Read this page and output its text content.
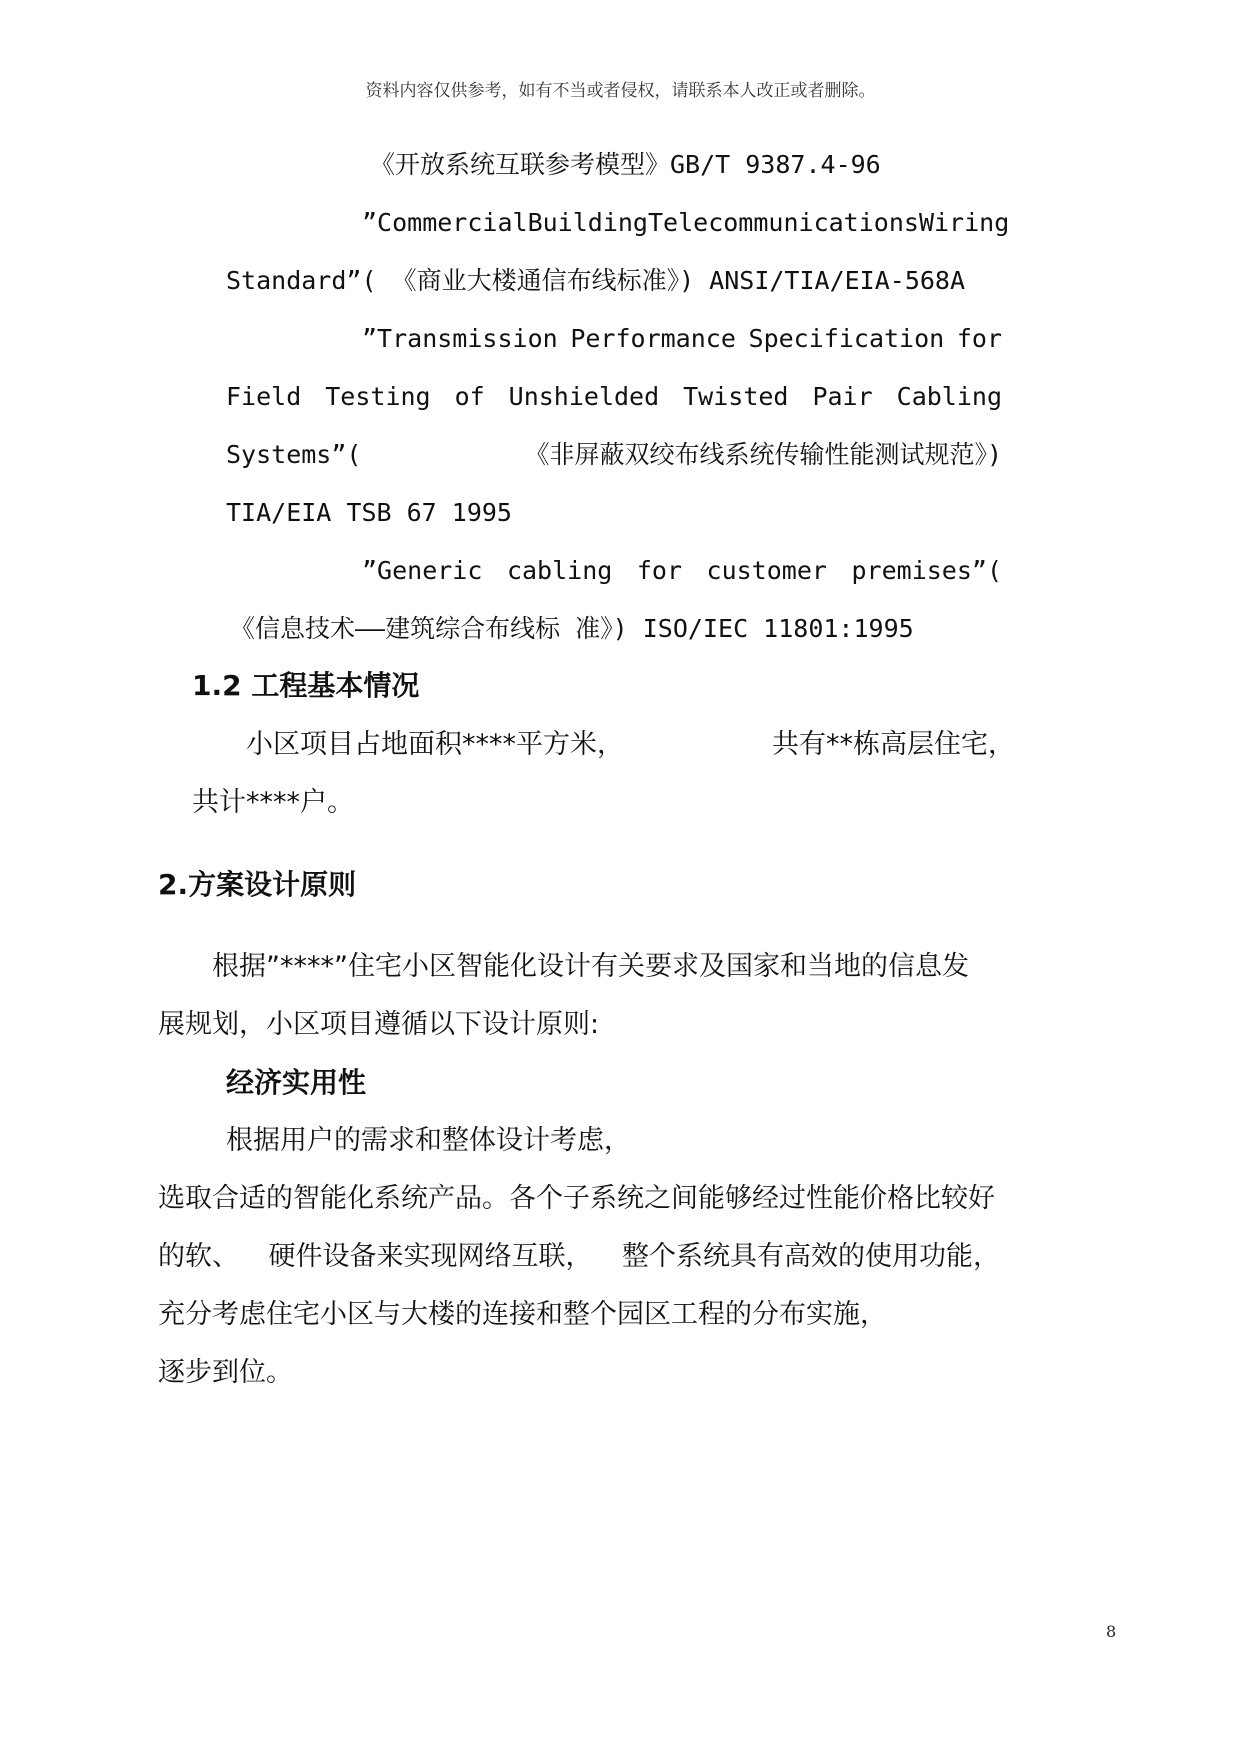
资料内容仅供参考，如有不当或者侵权，请联系本人改正或者删除。
《开放系统互联参考模型》GB/T 9387.4-96
”Commercial Building Telecommunications Wiring
Standard”( 《商业大楼通信布线标准》) ANSI/TIA/EIA-568A
”Transmission Performance Specification for
Field Testing of Unshielded Twisted Pair Cabling
Systems”(	《非屏蔽双绞布线系统传输性能测试规范》)
TIA/EIA TSB 67 1995
”Generic cabling for customer premises”(
《信息技术——建筑综合布线标 准》) ISO/IEC 11801:1995
1.2 工程基本情况
小区项目占地面积****平方米，	共有**栋高层住宅，
共计****户。
2.方案设计原则
根据”****”住宅小区智能化设计有关要求及国家和当地的信息发
展规划，小区项目遵循以下设计原则:
经济实用性
根据用户的需求和整体设计考虑，
选取合适的智能化系统产品。各个子系统之间能够经过性能价格比较好
的软、 硬件设备来实现网络互联， 整个系统具有高效的使用功能，
充分考虑住宅小区与大楼的连接和整个园区工程的分布实施，
逐步到位。
8
